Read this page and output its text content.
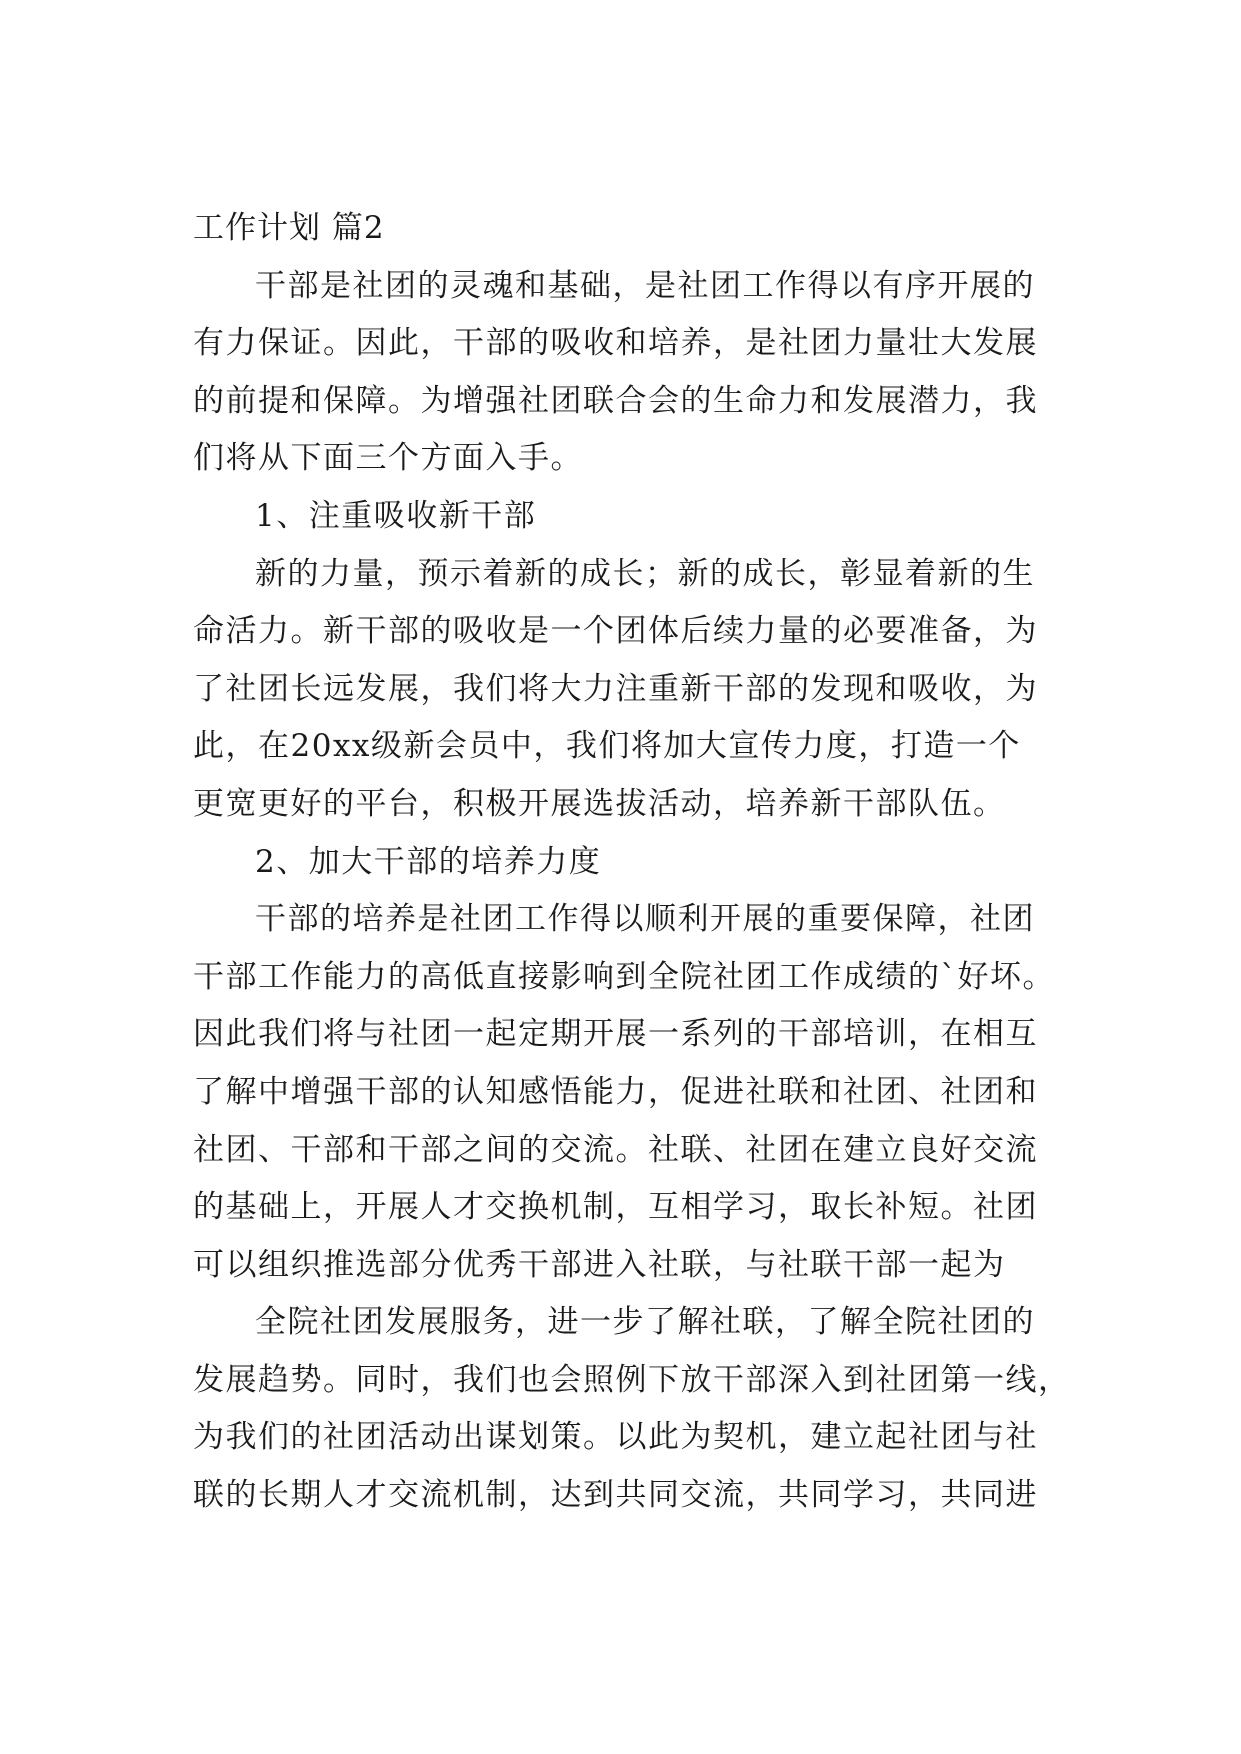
工作计划 篇2
干部是社团的灵魂和基础，是社团工作得以有序开展的
有力保证。因此，干部的吸收和培养，是社团力量壮大发展
的前提和保障。为增强社团联合会的生命力和发展潜力，我
们将从下面三个方面入手。
1、注重吸收新干部
新的力量，预示着新的成长；新的成长，彰显着新的生
命活力。新干部的吸收是一个团体后续力量的必要准备，为
了社团长远发展，我们将大力注重新干部的发现和吸收，为
此，在20xx级新会员中，我们将加大宣传力度，打造一个
更宽更好的平台，积极开展选拔活动，培养新干部队伍。
2、加大干部的培养力度
干部的培养是社团工作得以顺利开展的重要保障，社团
干部工作能力的高低直接影响到全院社团工作成绩的`好坏。
因此我们将与社团一起定期开展一系列的干部培训，在相互
了解中增强干部的认知感悟能力，促进社联和社团、社团和
社团、干部和干部之间的交流。社联、社团在建立良好交流
的基础上，开展人才交换机制，互相学习，取长补短。社团
可以组织推选部分优秀干部进入社联，与社联干部一起为
全院社团发展服务，进一步了解社联，了解全院社团的
发展趋势。同时，我们也会照例下放干部深入到社团第一线，
为我们的社团活动出谋划策。以此为契机，建立起社团与社
联的长期人才交流机制，达到共同交流，共同学习，共同进
